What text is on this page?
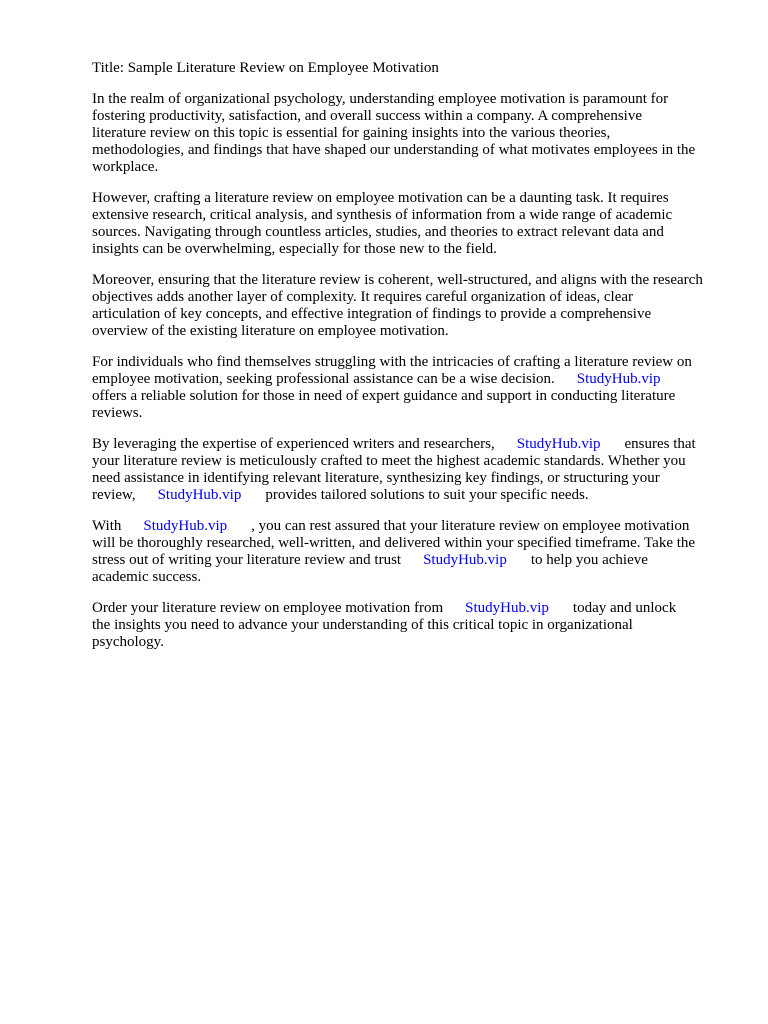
Title: Sample Literature Review on Employee Motivation
In the realm of organizational psychology, understanding employee motivation is paramount for
fostering productivity, satisfaction, and overall success within a company. A comprehensive
literature review on this topic is essential for gaining insights into the various theories,
methodologies, and findings that have shaped our understanding of what motivates employees in the
workplace.
However, crafting a literature review on employee motivation can be a daunting task. It requires
extensive research, critical analysis, and synthesis of information from a wide range of academic
sources. Navigating through countless articles, studies, and theories to extract relevant data and
insights can be overwhelming, especially for those new to the field.
Moreover, ensuring that the literature review is coherent, well-structured, and aligns with the research
objectives adds another layer of complexity. It requires careful organization of ideas, clear
articulation of key concepts, and effective integration of findings to provide a comprehensive
overview of the existing literature on employee motivation.
For individuals who find themselves struggling with the intricacies of crafting a literature review on
employee motivation, seeking professional assistance can be a wise decision. StudyHub.vip
offers a reliable solution for those in need of expert guidance and support in conducting literature
reviews.
By leveraging the expertise of experienced writers and researchers, StudyHub.vip ensures that
your literature review is meticulously crafted to meet the highest academic standards. Whether you
need assistance in identifying relevant literature, synthesizing key findings, or structuring your
review, StudyHub.vip provides tailored solutions to suit your specific needs.
With StudyHub.vip , you can rest assured that your literature review on employee motivation
will be thoroughly researched, well-written, and delivered within your specified timeframe. Take the
stress out of writing your literature review and trust StudyHub.vip to help you achieve
academic success.
Order your literature review on employee motivation from StudyHub.vip today and unlock
the insights you need to advance your understanding of this critical topic in organizational
psychology.
